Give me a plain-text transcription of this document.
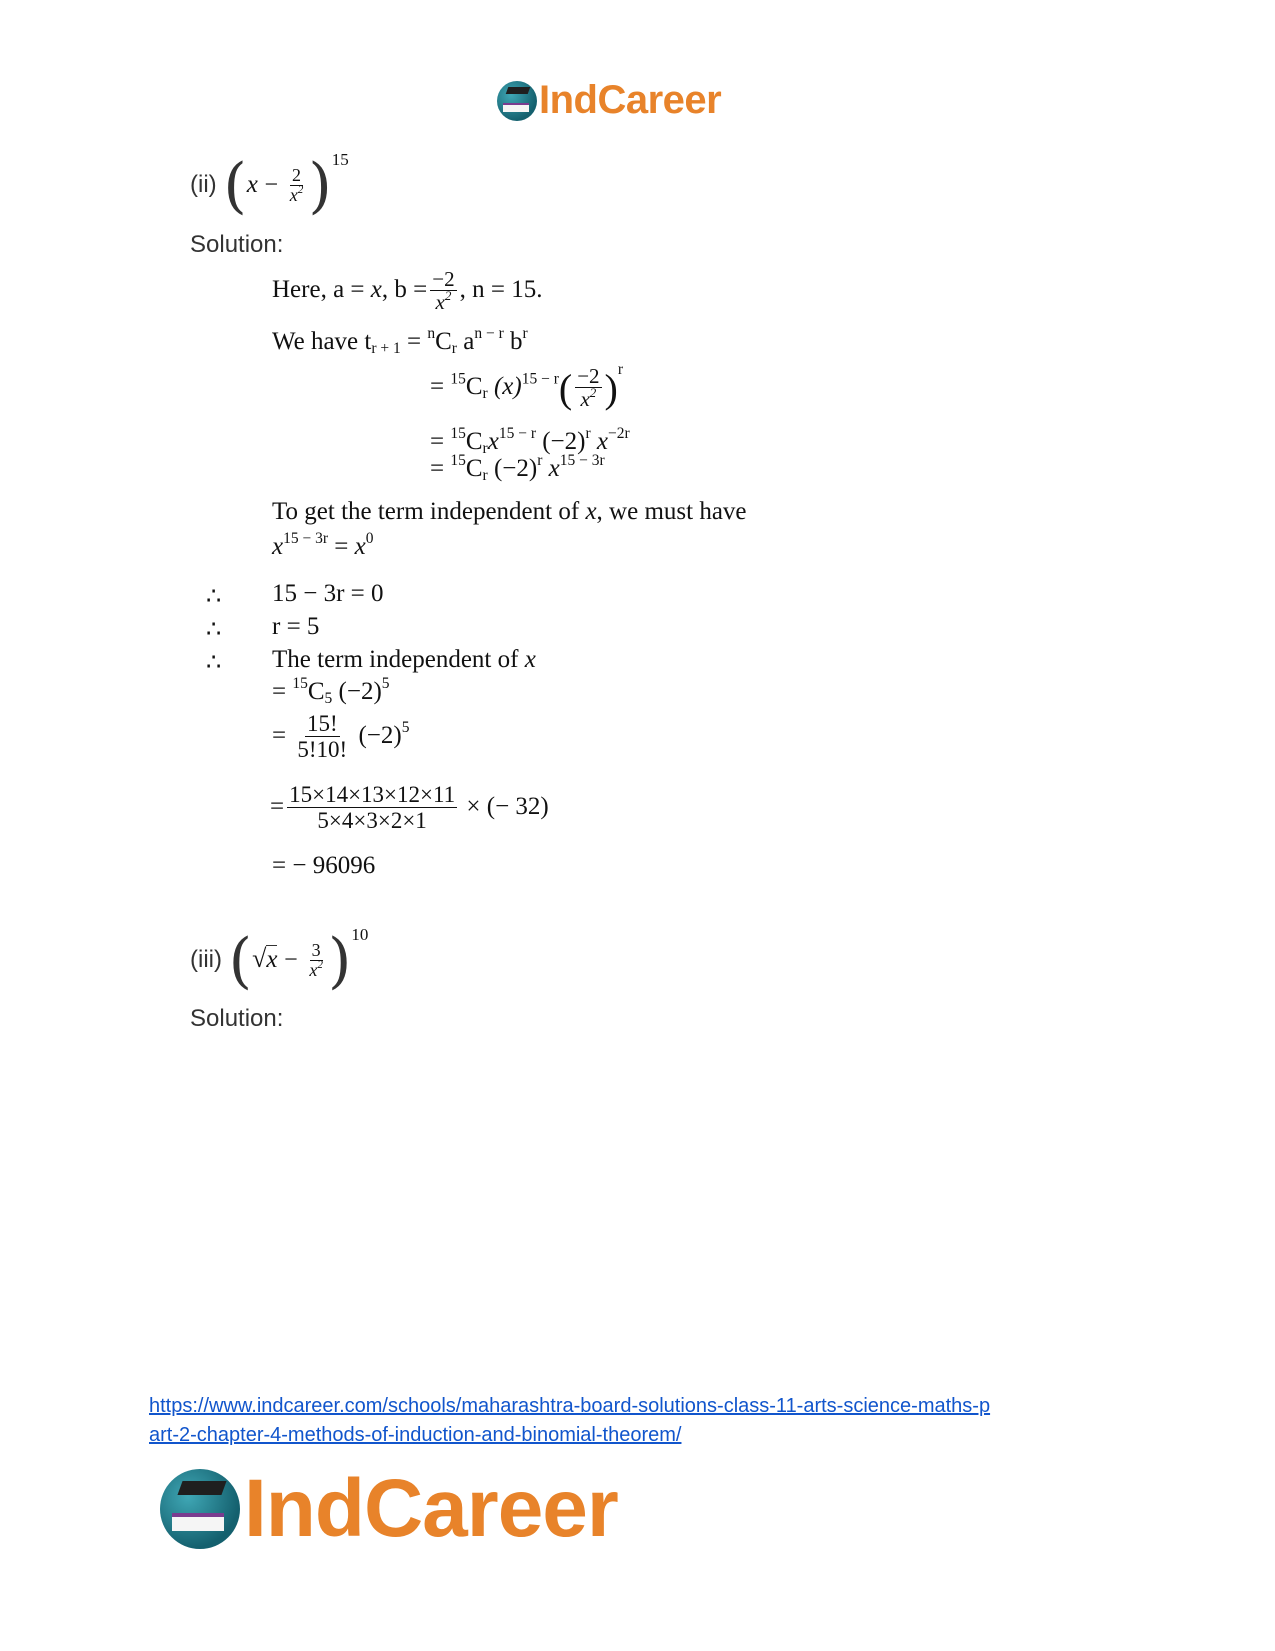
IndCareer
(ii) $(x - \frac{2}{x^2} )^{15}$
Solution:
Here, a = x, $b = \frac{-2}{x^2}$ , n = 15.
We have $t_{r + 1} = ^nC_r$ $a^{n - r}$ $b^r$
= $^{15}C_r$ $(x)^{15 - r}( \frac{-2}{x^2} )^r$
= $^{15}C_rx^{15 - r}$ $(-2)^r$ $x^{-2r}$
= $^{15}C_r$ $(-2)^r$ $x^{15 - 3r}$
To get the term independent of x, we must have
$x^{15 - 3r} = x^0$
∴ 15 − 3r = 0
∴ r = 5
∴ The term independent of x
= $^{15}C_5$ $(-2)^5$
= $\frac{15!}{5!10!} (-2)^5$
= $\frac{15\times 14\times 13\times 12\times 11}{5\times 4\times 3\times 2\times 1}$ × (− 32)
= − 96096
(iii) $(√x - \frac{3}{x^2} )^{10}$
Solution:
https://www.indcareer.com/schools/maharashtra-board-solutions-class-11-arts-science-maths-p
art-2-chapter-4-methods-of-induction-and-binomial-theorem/
IndCareer
